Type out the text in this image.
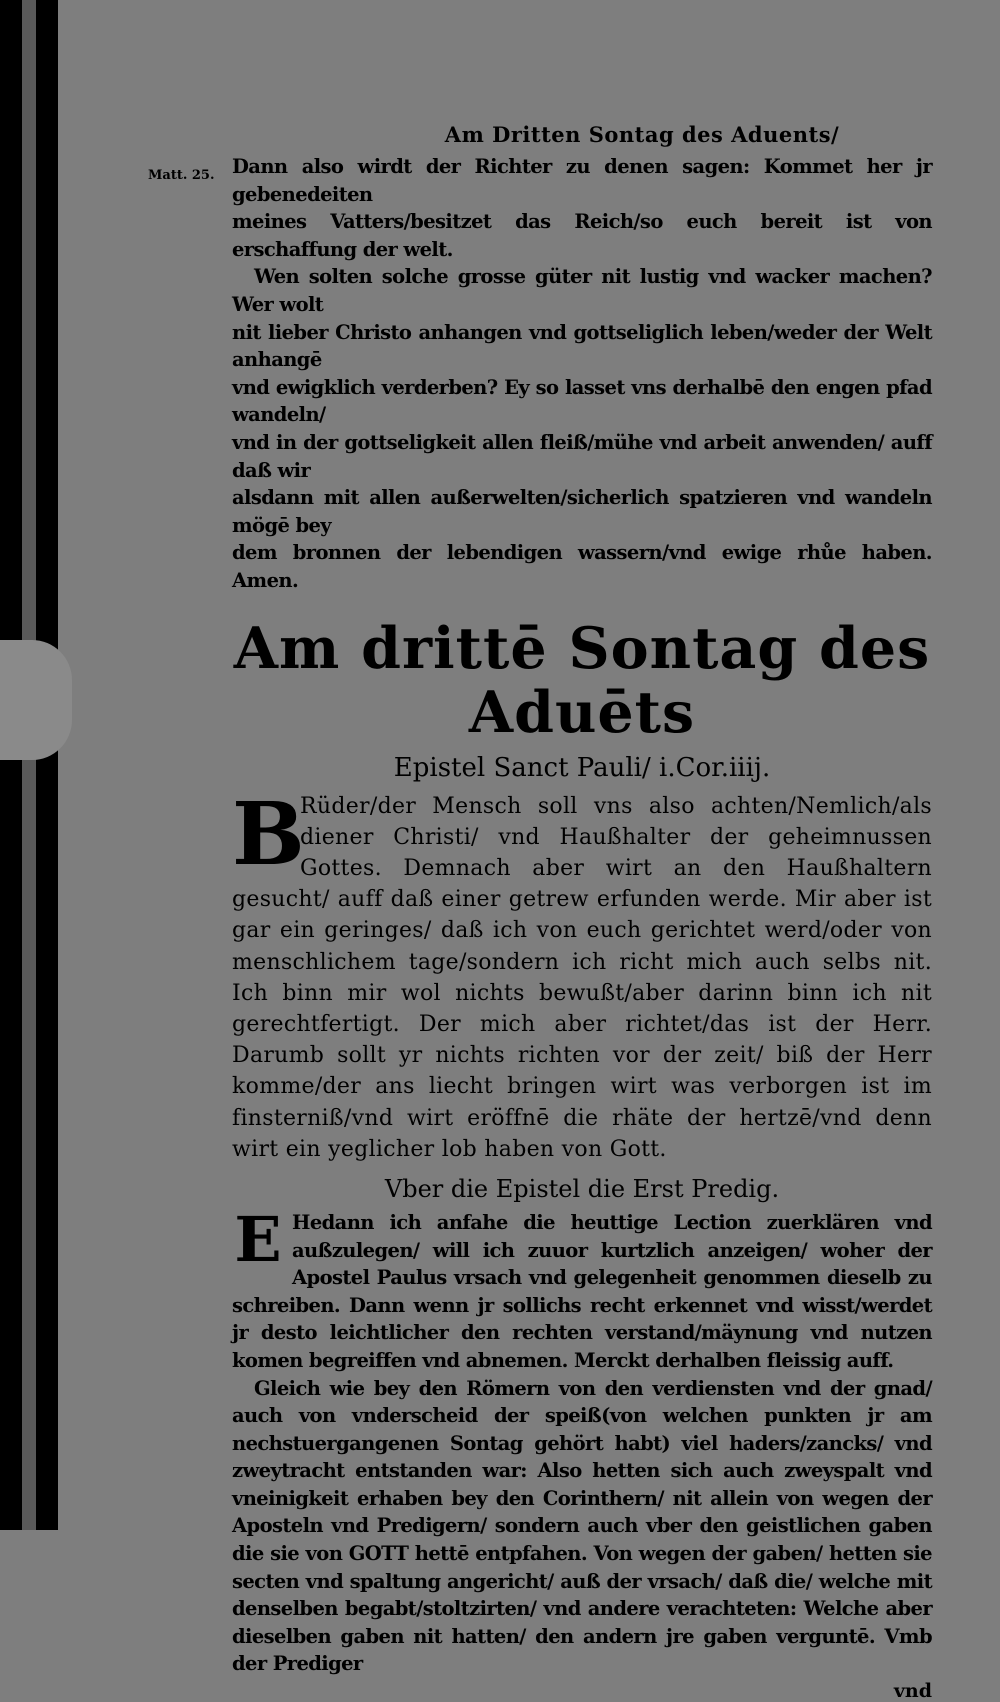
Am Dritten Sontag des Aduents/
Matt. 25. Dann also wirdt der Richter zu denen sagen: Kommet her jr gebenedeiten

meines Vatters/besitzet das Reich/so euch bereit ist von erschaffung der welt.

Wen solten solche grosse güter nit lustig vnd wacker machen? Wer wolt

nit lieber Christo anhangen vnd gottseliglich leben/weder der Welt anhangē

vnd ewigklich verderben? Ey so lasset vns derhalbē den engen pfad wandeln/

vnd in der gottseligkeit allen fleiß/mühe vnd arbeit anwenden/ auff daß wir

alsdann mit allen außerwelten/sicherlich spatzieren vnd wandeln mögē bey

dem bronnen der lebendigen wassern/vnd ewige rhůe haben. Amen.

Am drittē Sontag des Aduēts
Epistel Sanct Pauli/ i.Cor.iiij.
B

Rüder/der Mensch soll vns also achten/Nemlich/als diener Christi/ vnd Haußhalter der geheimnussen Gottes. Demnach aber wirt an den Haußhaltern gesucht/ auff daß einer getrew erfunden werde. Mir aber ist gar ein geringes/ daß ich von euch gerichtet werd/oder von menschlichem tage/sondern ich richt mich auch selbs nit. Ich binn mir wol nichts bewußt/aber darinn binn ich nit gerechtfertigt. Der mich aber richtet/das ist der Herr. Darumb sollt yr nichts richten vor der zeit/ biß der Herr komme/der ans liecht bringen wirt was verborgen ist im finsterniß/vnd wirt eröffnē die rhäte der hertzē/vnd denn wirt ein yeglicher lob haben von Gott.

Vber die Epistel die Erst Predig.
E Hedann ich anfahe die heuttige Lection zuerklären vnd außzulegen/ will ich zuuor kurtzlich anzeigen/ woher der Apostel Paulus vrsach vnd gelegenheit genommen dieselb zu schreiben. Dann wenn jr sollichs recht erkennet vnd wisst/werdet jr desto leichtlicher den rechten verstand/mäynung vnd nutzen komen begreiffen vnd abnemen. Merckt derhalben fleissig auff.

Gleich wie bey den Römern von den verdiensten vnd der gnad/ auch von vnderscheid der speiß(von welchen punkten jr am nechstuergangenen Sontag gehört habt) viel haders/zancks/ vnd zweytracht entstanden war: Also hetten sich auch zweyspalt vnd vneinigkeit erhaben bey den Corinthern/ nit allein von wegen der Aposteln vnd Predigern/ sondern auch vber den geistlichen gaben die sie von GOTT hettē entpfahen. Von wegen der gaben/ hetten sie secten vnd spaltung angericht/ auß der vrsach/ daß die/ welche mit denselben begabt/stoltzirten/ vnd andere verachteten: Welche aber dieselben gaben nit hatten/ den andern jre gaben verguntē. Vmb der Prediger

vnd
